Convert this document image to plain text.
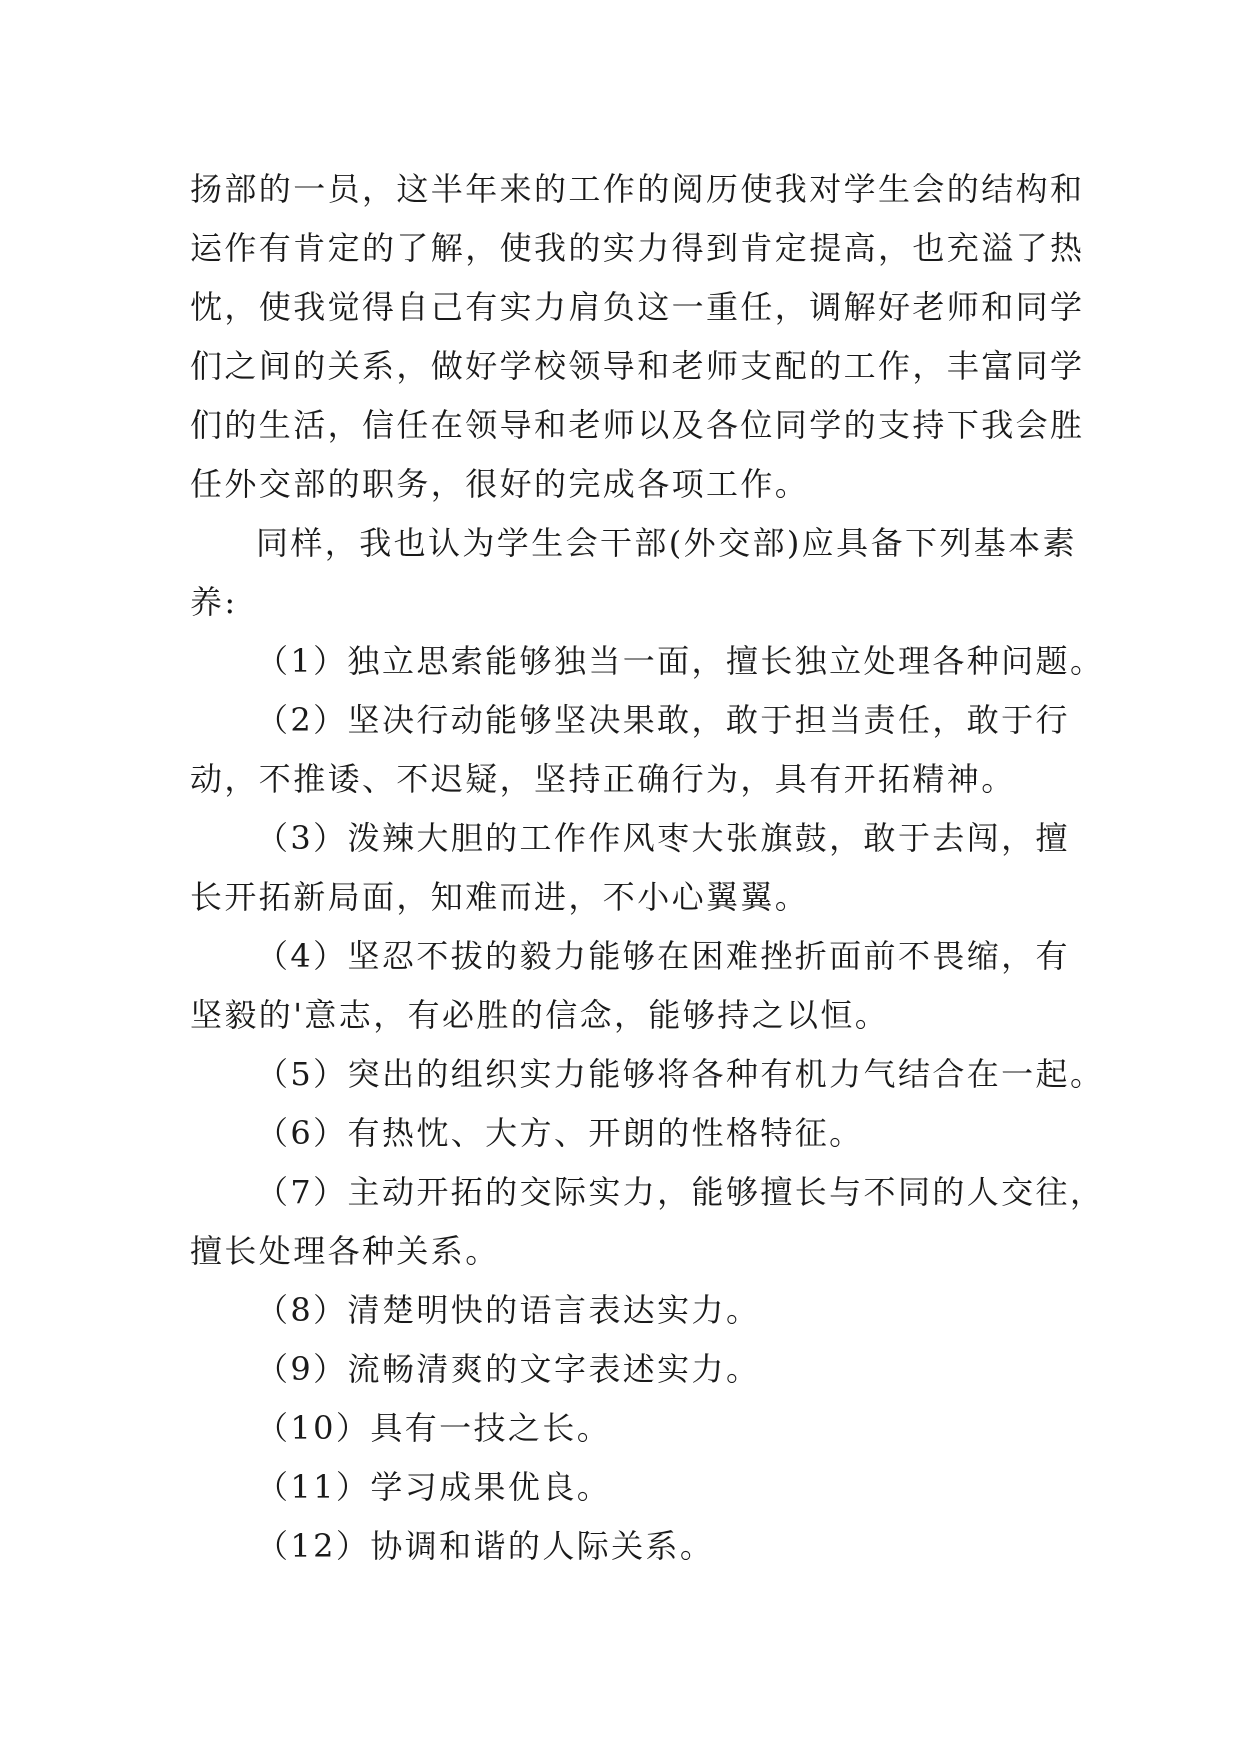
扬部的一员，这半年来的工作的阅历使我对学生会的结构和
运作有肯定的了解，使我的实力得到肯定提高，也充溢了热
忱，使我觉得自己有实力肩负这一重任，调解好老师和同学
们之间的关系，做好学校领导和老师支配的工作，丰富同学
们的生活，信任在领导和老师以及各位同学的支持下我会胜
任外交部的职务，很好的完成各项工作。
同样，我也认为学生会干部(外交部)应具备下列基本素
养:
（1）独立思索能够独当一面，擅长独立处理各种问题。
（2）坚决行动能够坚决果敢，敢于担当责任，敢于行
动，不推诿、不迟疑，坚持正确行为，具有开拓精神。
（3）泼辣大胆的工作作风枣大张旗鼓，敢于去闯，擅
长开拓新局面，知难而进，不小心翼翼。
（4）坚忍不拔的毅力能够在困难挫折面前不畏缩，有
坚毅的'意志，有必胜的信念，能够持之以恒。
（5）突出的组织实力能够将各种有机力气结合在一起。
（6）有热忱、大方、开朗的性格特征。
（7）主动开拓的交际实力，能够擅长与不同的人交往，
擅长处理各种关系。
（8）清楚明快的语言表达实力。
（9）流畅清爽的文字表述实力。
（10）具有一技之长。
（11）学习成果优良。
（12）协调和谐的人际关系。
